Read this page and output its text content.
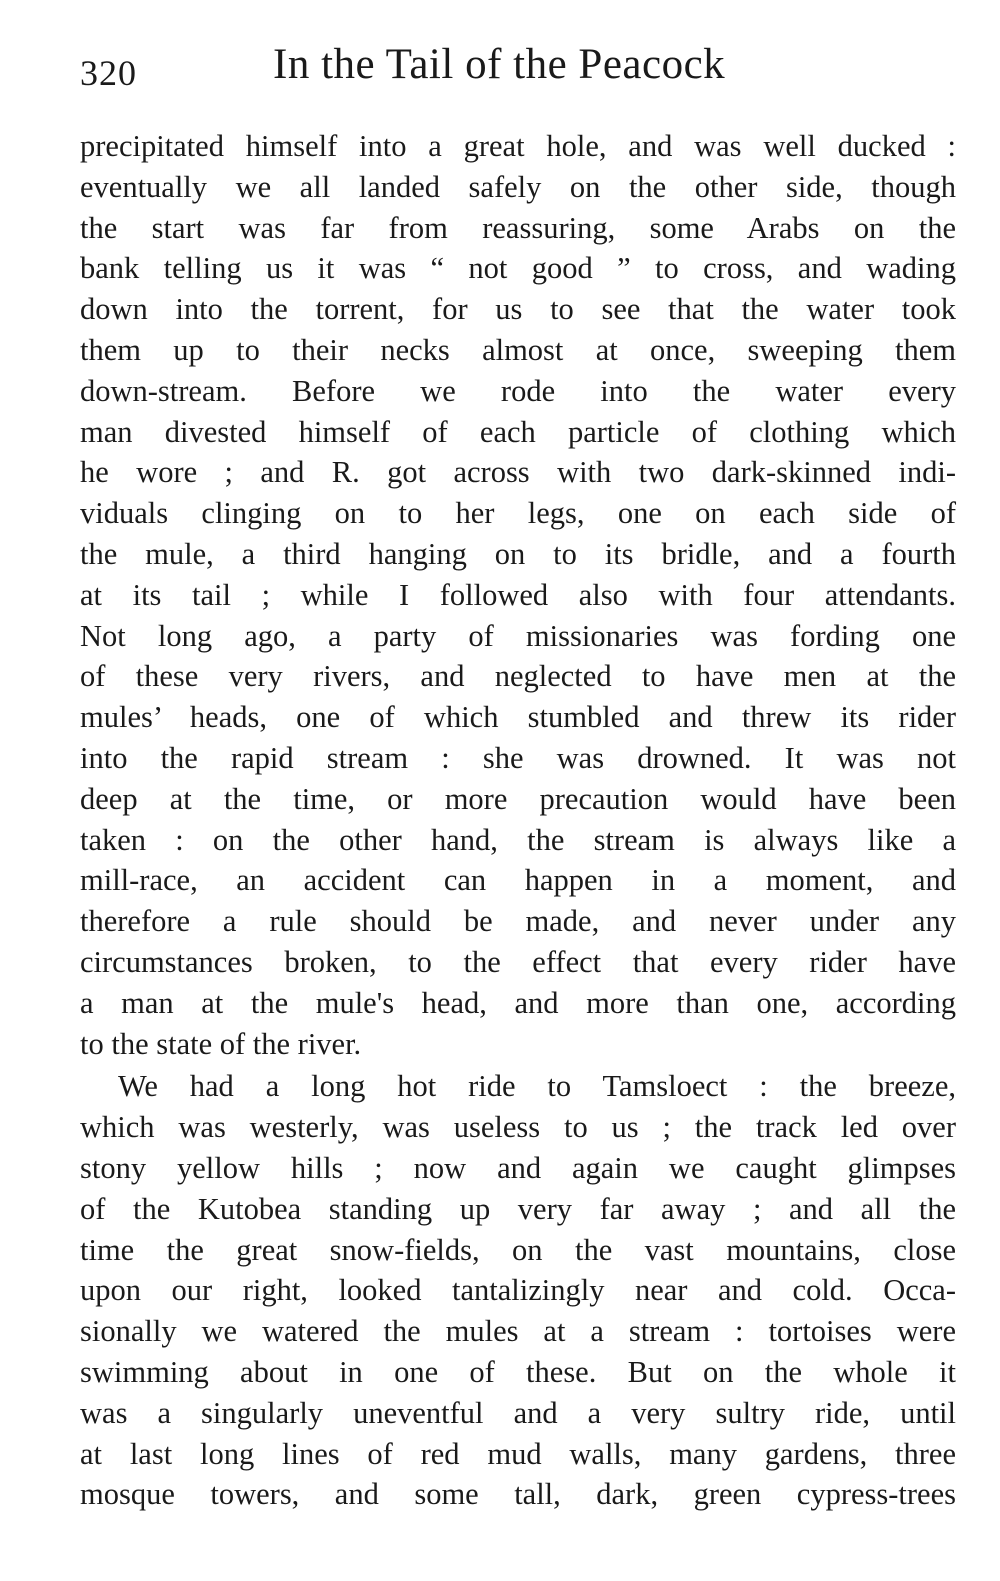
320	In the Tail of the Peacock
precipitated himself into a great hole, and was well ducked :
eventually we all landed safely on the other side, though
the start was far from reassuring, some Arabs on the
bank telling us it was “ not good ” to cross, and wading
down into the torrent, for us to see that the water took
them up to their necks almost at once, sweeping them
down-stream. Before we rode into the water every
man divested himself of each particle of clothing which
he wore ; and R. got across with two dark-skinned indi-
viduals clinging on to her legs, one on each side of
the mule, a third hanging on to its bridle, and a fourth
at its tail ; while I followed also with four attendants.
Not long ago, a party of missionaries was fording one
of these very rivers, and neglected to have men at the
mules’ heads, one of which stumbled and threw its rider
into the rapid stream : she was drowned. It was not
deep at the time, or more precaution would have been
taken : on the other hand, the stream is always like a
mill-race, an accident can happen in a moment, and
therefore a rule should be made, and never under any
circumstances broken, to the effect that every rider have
a man at the mule's head, and more than one, according
to the state of the river.
We had a long hot ride to Tamsloect : the breeze,
which was westerly, was useless to us ; the track led over
stony yellow hills ; now and again we caught glimpses
of the Kutobea standing up very far away ; and all the
time the great snow-fields, on the vast mountains, close
upon our right, looked tantalizingly near and cold. Occa-
sionally we watered the mules at a stream : tortoises were
swimming about in one of these. But on the whole it
was a singularly uneventful and a very sultry ride, until
at last long lines of red mud walls, many gardens, three
mosque towers, and some tall, dark, green cypress-trees
